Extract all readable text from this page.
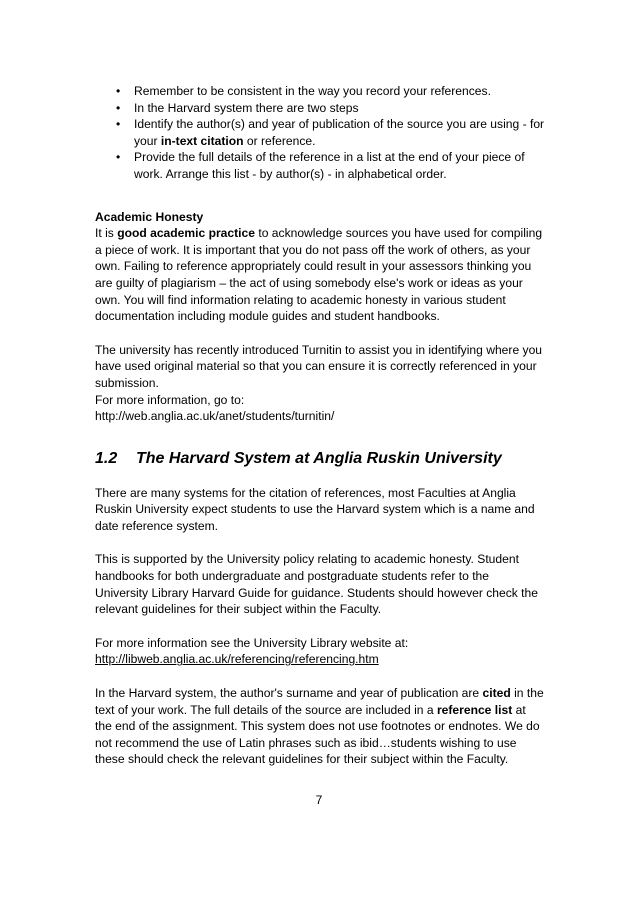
• Remember to be consistent in the way you record your references.
• In the Harvard system there are two steps
• Identify the author(s) and year of publication of the source you are using - for your in-text citation or reference.
• Provide the full details of the reference in a list at the end of your piece of work. Arrange this list - by author(s) - in alphabetical order.

Academic Honesty

It is good academic practice to acknowledge sources you have used for compiling a piece of work. It is important that you do not pass off the work of others, as your own. Failing to reference appropriately could result in your assessors thinking you are guilty of plagiarism – the act of using somebody else's work or ideas as your own. You will find information relating to academic honesty in various student documentation including module guides and student handbooks.

The university has recently introduced Turnitin to assist you in identifying where you have used original material so that you can ensure it is correctly referenced in your submission.

For more information, go to:

http://web.anglia.ac.uk/anet/students/turnitin/

1.2	The Harvard System at Anglia Ruskin University

There are many systems for the citation of references, most Faculties at Anglia Ruskin University expect students to use the Harvard system which is a name and date reference system.

This is supported by the University policy relating to academic honesty. Student handbooks for both undergraduate and postgraduate students refer to the University Library Harvard Guide for guidance. Students should however check the relevant guidelines for their subject within the Faculty.

For more information see the University Library website at:

http://libweb.anglia.ac.uk/referencing/referencing.htm

In the Harvard system, the author's surname and year of publication are cited in the text of your work. The full details of the source are included in a reference list at the end of the assignment. This system does not use footnotes or endnotes. We do not recommend the use of Latin phrases such as ibid…students wishing to use these should check the relevant guidelines for their subject within the Faculty.

7
